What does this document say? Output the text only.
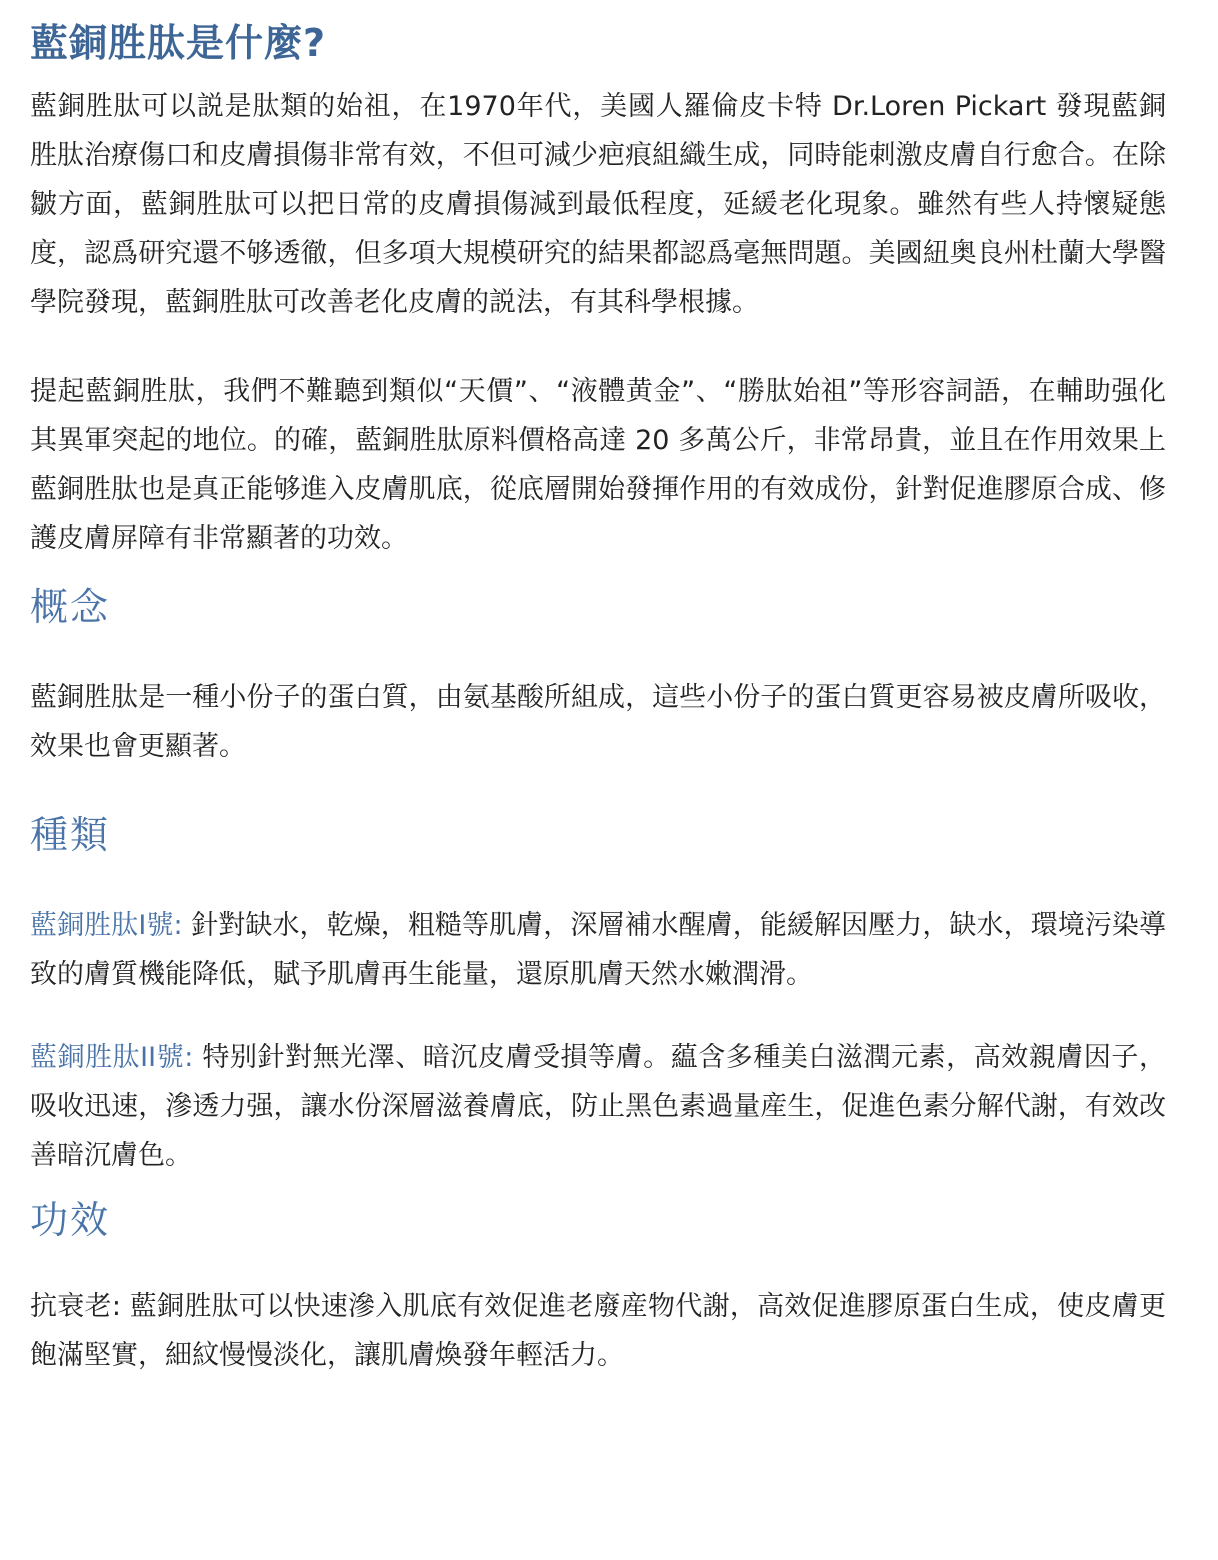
藍銅胜肽是什麼?

藍銅胜肽可以説是肽類的始祖，在1970年代，美國人羅倫皮卡特 Dr.Loren Pickart 發現藍銅胜肽治療傷口和皮膚損傷非常有效，不但可減少疤痕組織生成，同時能刺激皮膚自行愈合。在除皺方面，藍銅胜肽可以把日常的皮膚損傷減到最低程度，延緩老化現象。雖然有些人持懷疑態度，認爲研究還不够透徹，但多項大規模研究的結果都認爲毫無問題。美國紐奥良州杜蘭大學醫學院發現，藍銅胜肽可改善老化皮膚的説法，有其科學根據。

提起藍銅胜肽，我們不難聽到類似“天價”、“液體黄金”、“勝肽始祖”等形容詞語，在輔助强化其異軍突起的地位。的確，藍銅胜肽原料價格高達 20 多萬公斤，非常昂貴，並且在作用效果上藍銅胜肽也是真正能够進入皮膚肌底，從底層開始發揮作用的有效成份，針對促進膠原合成、修護皮膚屏障有非常顯著的功效。

概念

藍銅胜肽是一種小份子的蛋白質，由氨基酸所組成，這些小份子的蛋白質更容易被皮膚所吸收，效果也會更顯著。

種類

藍銅胜肽I號: 針對缺水，乾燥，粗糙等肌膚，深層補水醒膚，能緩解因壓力，缺水，環境污染導致的膚質機能降低，賦予肌膚再生能量，還原肌膚天然水嫩潤滑。

藍銅胜肽II號: 特别針對無光澤、暗沉皮膚受損等膚。藴含多種美白滋潤元素，高效親膚因子，吸收迅速，滲透力强，讓水份深層滋養膚底，防止黑色素過量産生，促進色素分解代謝，有效改善暗沉膚色。

功效

抗衰老: 藍銅胜肽可以快速滲入肌底有效促進老廢産物代謝，高效促進膠原蛋白生成，使皮膚更飽滿堅實，細紋慢慢淡化，讓肌膚煥發年輕活力。
